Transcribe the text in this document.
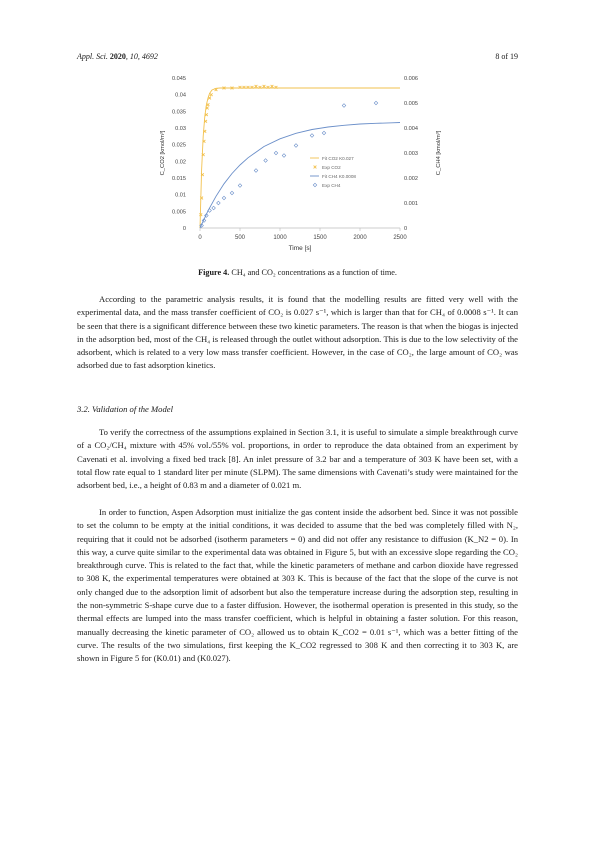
Appl. Sci. 2020, 10, 4692	8 of 19
0	500	1000	1500	2000	2500
0
0.005
0.01
0.015
0.02
0.025
0.03
0.035
0.04
0.045
0
0.001
0.002
0.003
0.004
0.005
0.006
Time [s]
C_CO2 [kmol/m³]	C_CH4 [kmol/m³]
Fit CO2 K0.027
Exp CO2
Fit CH4 K0.0008
Exp CH4
Figure 4. CH₄ and CO₂ concentrations as a function of time.
According to the parametric analysis results, it is found that the modelling results are fitted very well with the experimental data, and the mass transfer coefficient of CO₂ is 0.027 s⁻¹, which is larger than that for CH₄ of 0.0008 s⁻¹. It can be seen that there is a significant difference between these two kinetic parameters. The reason is that when the biogas is injected in the adsorption bed, most of the CH₄ is released through the outlet without adsorption. This is due to the low selectivity of the adsorbent, which is related to a very low mass transfer coefficient. However, in the case of CO₂, the large amount of CO₂ was adsorbed due to fast adsorption kinetics.
3.2. Validation of the Model
To verify the correctness of the assumptions explained in Section 3.1, it is useful to simulate a simple breakthrough curve of a CO₂/CH₄ mixture with 45% vol./55% vol. proportions, in order to reproduce the data obtained from an experiment by Cavenati et al. involving a fixed bed track [8]. An inlet pressure of 3.2 bar and a temperature of 303 K have been set, with a total flow rate equal to 1 standard liter per minute (SLPM). The same dimensions with Cavenati’s study were maintained for the adsorbent bed, i.e., a height of 0.83 m and a diameter of 0.021 m.
In order to function, Aspen Adsorption must initialize the gas content inside the adsorbent bed. Since it was not possible to set the column to be empty at the initial conditions, it was decided to assume that the bed was completely filled with N₂, requiring that it could not be adsorbed (isotherm parameters = 0) and did not offer any resistance to diffusion (K_N2 = 0). In this way, a curve quite similar to the experimental data was obtained in Figure 5, but with an excessive slope regarding the CO₂ breakthrough curve. This is related to the fact that, while the kinetic parameters of methane and carbon dioxide have regressed to 308 K, the experimental temperatures were obtained at 303 K. This is because of the fact that the slope of the curve is not only changed due to the adsorption limit of adsorbent but also the temperature increase during the adsorption step, resulting in the non-symmetric S-shape curve due to a faster diffusion. However, the isothermal operation is presented in this study, so the thermal effects are lumped into the mass transfer coefficient, which is helpful in obtaining a faster solution. For this reason, manually decreasing the kinetic parameter of CO₂ allowed us to obtain K_CO2 = 0.01 s⁻¹, which was a better fitting of the curve. The results of the two simulations, first keeping the K_CO2 regressed to 308 K and then correcting it to 303 K, are shown in Figure 5 for (K0.01) and (K0.027).
